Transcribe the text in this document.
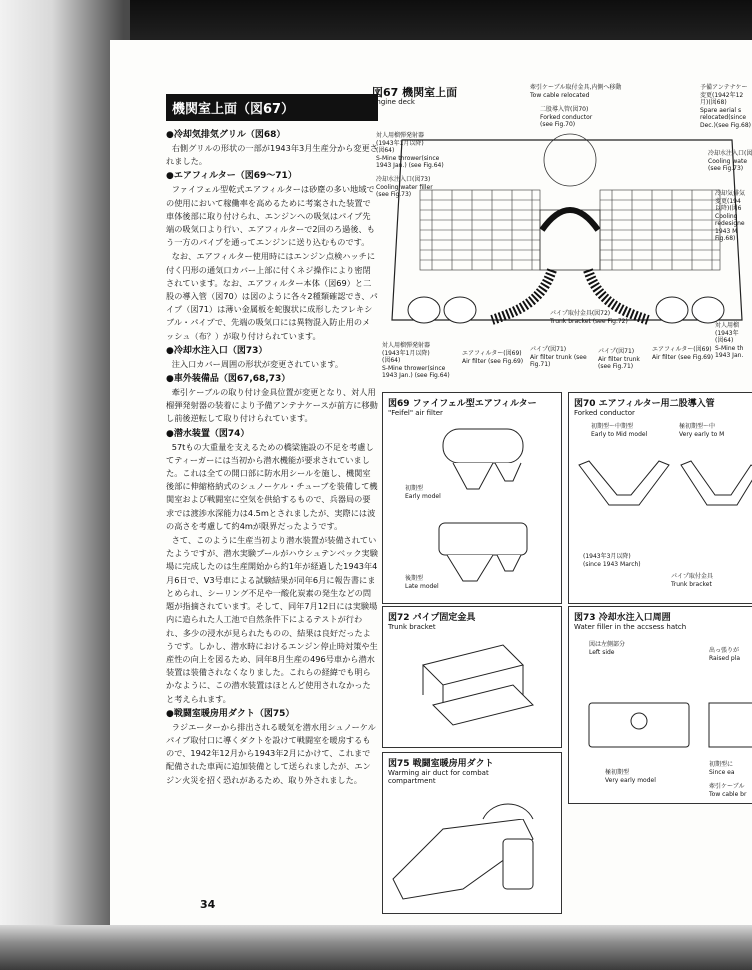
機関室上面（図67）
●冷却気排気グリル（図68）

右側グリルの形状の一部が1943年3月生産分から変更されました。

●エアフィルター（図69～71）

ファイフェル型乾式エアフィルターは砂塵の多い地域での使用において稼働率を高めるために考案された装置で車体後部に取り付けられ、エンジンへの吸気はパイプ先端の吸気口より行い、エアフィルターで2回のろ過後、もう一方のパイプを通ってエンジンに送り込むものです。

なお、エアフィルター使用時にはエンジン点検ハッチに付く円形の通気口カバー上部に付くネジ操作により密閉されています。なお、エアフィルター本体（図69）と二股の導入管（図70）は図のように各々2種類確認でき、パイプ（図71）は薄い金属板を蛇腹状に成形したフレキシブル・パイプで、先端の吸気口には異物混入防止用のメッシュ（布？）が取り付けられています。

●冷却水注入口（図73）

注入口カバー周囲の形状が変更されています。

●車外装備品（図67,68,73）

牽引ケーブルの取り付け金具位置が変更となり、対人用榴弾発射器の装着により予備アンテナケースが前方に移動し前後逆転して取り付けられています。

●潜水装置（図74）

57tもの大重量を支えるための橋梁施設の不足を考慮してティーガーには当初から潜水機能が要求されていました。これは全ての開口部に防水用シールを施し、機関室後部に伸縮格納式のシュノーケル・チューブを装備して機関室および戦闘室に空気を供給するもので、兵器局の要求では渡渉水深能力は4.5mとされましたが、実際には波の高さを考慮して約4mが限界だったようです。

さて、このように生産当初より潜水装置が装備されていたようですが、潜水実験プールがハウシュテンベック実験場に完成したのは生産開始から約1年が経過した1943年4月6日で、V3号車による試験結果が同年6月に報告書にまとめられ、シーリング不足や一酸化炭素の発生などの問題が指摘されています。そして、同年7月12日には実験場内に造られた人工池で自然条件下によるテストが行われ、多少の浸水が見られたものの、結果は良好だったようです。しかし、潜水時におけるエンジン停止時対策や生産性の向上を図るため、同年8月生産の496号車から潜水装置は装備されなくなりました。これらの経緯でも明らかなように、この潜水装置はほとんど使用されなかったと考えられます。

●戦闘室暖房用ダクト（図75）

ラジエーターから排出される暖気を潜水用シュノーケルパイプ取付口に導くダクトを設けて戦闘室を暖房するもので、1942年12月から1943年2月にかけて、これまで配備された車両に追加装備として送られましたが、エンジン火災を招く恐れがあるため、取り外されました。

34
図67 機関室上面
Engine deck
牽引ケーブル取付金具,内側へ移動
Tow cable relocated
二股導入管(図70)
Forked conductor
(see Fig.70)
対人用榴弾発射器
(1943年1月以降)
(図64)
S-Mine thrower(since
1943 Jan.) (see Fig.64)
冷却水注入口(図73)
Cooling water filler
(see Fig.73)
予備アンテナケー
変更(1942年12
月)(図68)
Spare aerial s
relocated(since
Dec.)(see Fig.68)
冷却水注入口(図
Cooling wate
(see Fig.73)
冷却気排気
変更(194
以降)(図6
Cooling
redesigne
1943 M
Fig.68)
パイプ取付金具(図72)
Trunk bracket (see Fig.72)
対人用榴弾発射器
(1943年1月以降)
(図64)
S-Mine thrower(since
1943 Jan.) (see Fig.64)
エアフィルター(図69)
Air filter (see Fig.69)
パイプ(図71)
Air filter trunk (see
Fig.71)
パイプ(図71)
Air filter trunk
(see Fig.71)
エアフィルター(図69)
Air filter (see Fig.69)
対人用榴
(1943年
(図64)
S-Mine th
1943 Jan.
図69 ファイフェル型エアフィルター
"Feifel" air filter
初期型
Early model
後期型
Late model
図70 エアフィルター用二股導入管
Forked conductor
初期型～中期型
Early to Mid model
極初期型～中
Very early to M
(1943年3月以降)
(since 1943 March)
パイプ取付金具
Trunk bracket
図72 パイプ固定金具
Trunk bracket
図73 冷却水注入口周囲
Water filler in the accsess hatch
図は左側部分
Left side	出っ張りが
Raised pla
極初期型
Very early model
初期型に
Since ea
牽引ケーブル
Tow cable br
図75 戦闘室暖房用ダクト
Warming air duct for combat
compartment
